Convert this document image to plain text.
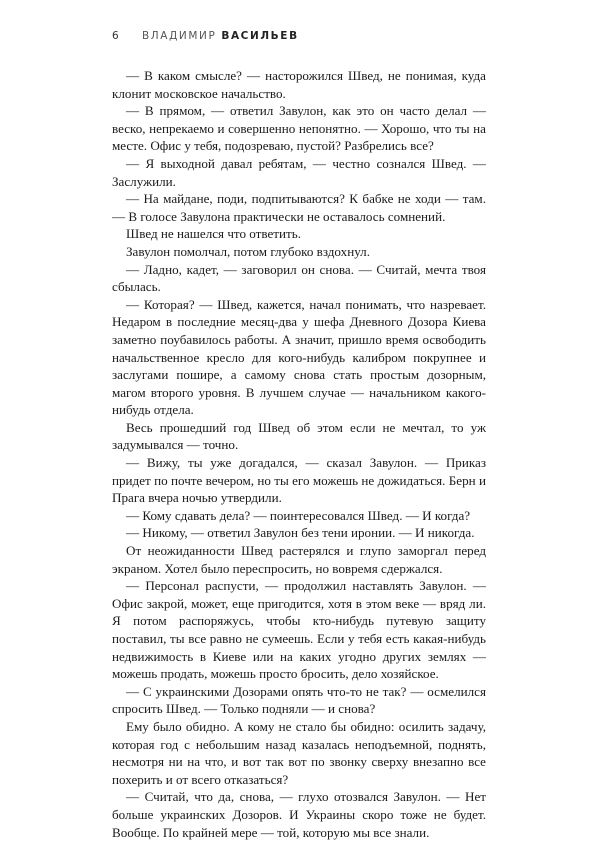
6 ВЛАДИМИР ВАСИЛЬЕВ

— В каком смысле? — насторожился Швед, не понимая, куда клонит московское начальство.

— В прямом, — ответил Завулон, как это он часто делал — веско, непрекаемо и совершенно непонятно. — Хорошо, что ты на месте. Офис у тебя, подозреваю, пустой? Разбрелись все?

— Я выходной давал ребятам, — честно сознался Швед. — Заслужили.

— На майдане, поди, подпитываются? К бабке не ходи — там. — В голосе Завулона практически не оставалось сомнений.

Швед не нашелся что ответить.

Завулон помолчал, потом глубоко вздохнул.

— Ладно, кадет, — заговорил он снова. — Считай, мечта твоя сбылась.

— Которая? — Швед, кажется, начал понимать, что назревает. Недаром в последние месяц-два у шефа Дневного Дозора Киева заметно поубавилось работы. А значит, пришло время освободить начальственное кресло для кого-нибудь калибром покрупнее и заслугами пошире, а самому снова стать простым дозорным, магом второго уровня. В лучшем случае — начальником какого-нибудь отдела.

Весь прошедший год Швед об этом если не мечтал, то уж задумывался — точно.

— Вижу, ты уже догадался, — сказал Завулон. — Приказ придет по почте вечером, но ты его можешь не дожидаться. Берн и Прага вчера ночью утвердили.

— Кому сдавать дела? — поинтересовался Швед. — И когда?

— Никому, — ответил Завулон без тени иронии. — И никогда.

От неожиданности Швед растерялся и глупо заморгал перед экраном. Хотел было переспросить, но вовремя сдержался.

— Персонал распусти, — продолжил наставлять Завулон. — Офис закрой, может, еще пригодится, хотя в этом веке — вряд ли. Я потом распоряжусь, чтобы кто-нибудь путевую защиту поставил, ты все равно не сумеешь. Если у тебя есть какая-нибудь недвижимость в Киеве или на каких угодно других землях — можешь продать, можешь просто бросить, дело хозяйское.

— С украинскими Дозорами опять что-то не так? — осмелился спросить Швед. — Только подняли — и снова?

Ему было обидно. А кому не стало бы обидно: осилить задачу, которая год с небольшим назад казалась неподъемной, поднять, несмотря ни на что, и вот так вот по звонку сверху внезапно все похерить и от всего отказаться?

— Считай, что да, снова, — глухо отозвался Завулон. — Нет больше украинских Дозоров. И Украины скоро тоже не будет. Вообще. По крайней мере — той, которую мы все знали.
